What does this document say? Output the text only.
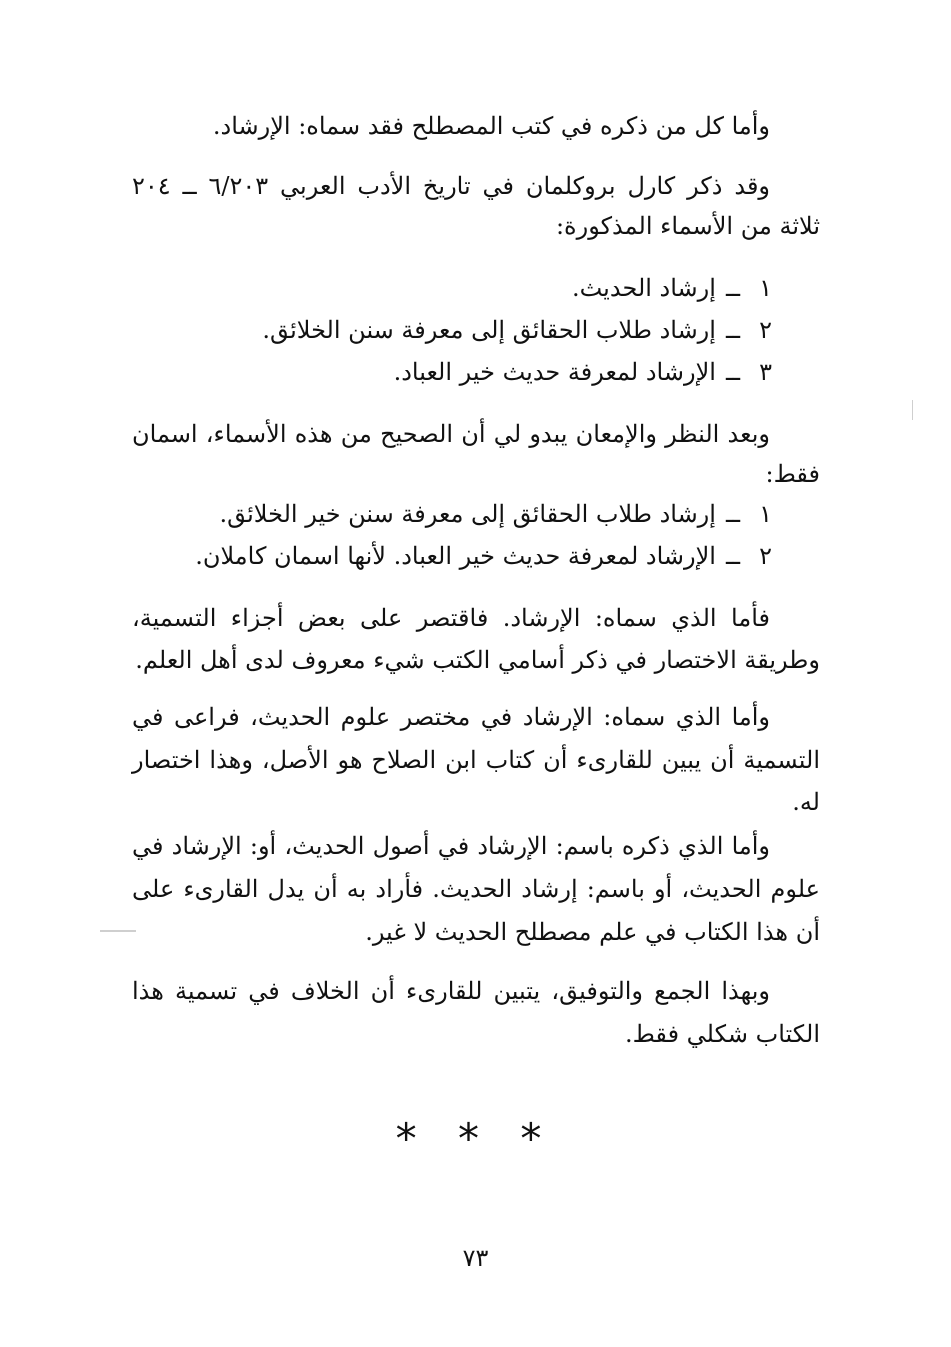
وأما كل من ذكره في كتب المصطلح فقد سماه: الإرشاد.
وقد ذكر كارل بروكلمان في تاريخ الأدب العربي ٦/٢٠٣ ــ ٢٠٤
ثلاثة من الأسماء المذكورة:
١ــإرشاد الحديث.
٢ــإرشاد طلاب الحقائق إلى معرفة سنن الخلائق.
٣ــالإرشاد لمعرفة حديث خير العباد.
وبعد النظر والإمعان يبدو لي أن الصحيح من هذه الأسماء، اسمان
فقط:
١ــإرشاد طلاب الحقائق إلى معرفة سنن خير الخلائق.
٢ــالإرشاد لمعرفة حديث خير العباد. لأنها اسمان كاملان.
فأما الذي سماه: الإرشاد. فاقتصر على بعض أجزاء التسمية،
وطريقة الاختصار في ذكر أسامي الكتب شيء معروف لدى أهل العلم.
وأما الذي سماه: الإرشاد في مختصر علوم الحديث، فراعى في
التسمية أن يبين للقارىء أن كتاب ابن الصلاح هو الأصل، وهذا اختصار
له.
وأما الذي ذكره باسم: الإرشاد في أصول الحديث، أو: الإرشاد في
علوم الحديث، أو باسم: إرشاد الحديث. فأراد به أن يدل القارىء على
أن هذا الكتاب في علم مصطلح الحديث لا غير.
وبهذا الجمع والتوفيق، يتبين للقارىء أن الخلاف في تسمية هذا
الكتاب شكلي فقط.
* * *
٧٣
